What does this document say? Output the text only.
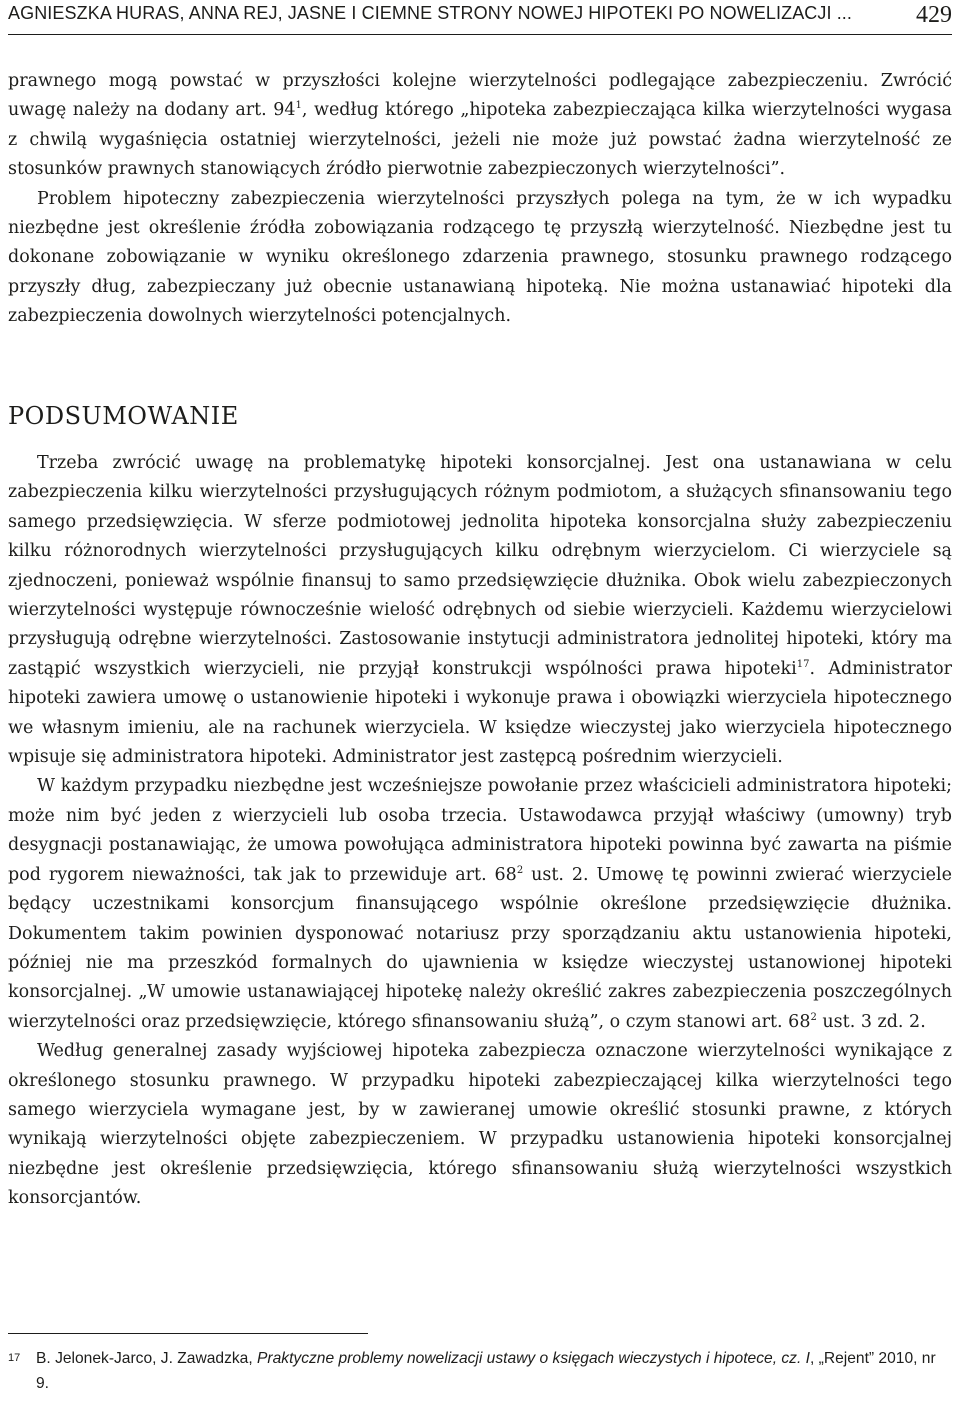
AGNIESZKA HURAS, ANNA REJ, JASNE I CIEMNE STRONY NOWEJ HIPOTEKI PO NOWELIZACJI ...	429

prawnego mogą powstać w przyszłości kolejne wierzytelności podlegające zabezpieczeniu. Zwrócić uwagę należy na dodany art. $94^1$, według którego „hipoteka zabezpieczająca kilka wierzytelności wygasa z chwilą wygaśnięcia ostatniej wierzytelności, jeżeli nie może już powstać żadna wierzytelność ze stosunków prawnych stanowiących źródło pierwotnie zabezpieczonych wierzytelności”.

Problem hipoteczny zabezpieczenia wierzytelności przyszłych polega na tym, że w ich wypadku niezbędne jest określenie źródła zobowiązania rodzącego tę przyszłą wierzytelność. Niezbędne jest tu dokonane zobowiązanie w wyniku określonego zdarzenia prawnego, stosunku prawnego rodzącego przyszły dług, zabezpieczany już obecnie ustanawianą hipoteką. Nie można ustanawiać hipoteki dla zabezpieczenia dowolnych wierzytelności potencjalnych.

PODSUMOWANIE

Trzeba zwrócić uwagę na problematykę hipoteki konsorcjalnej. Jest ona ustanawiana w celu zabezpieczenia kilku wierzytelności przysługujących różnym podmiotom, a służących sfinansowaniu tego samego przedsięwzięcia. W sferze podmiotowej jednolita hipoteka konsorcjalna służy zabezpieczeniu kilku różnorodnych wierzytelności przysługujących kilku odrębnym wierzycielom. Ci wierzyciele są zjednoczeni, ponieważ wspólnie finansuj to samo przedsięwzięcie dłużnika. Obok wielu zabezpieczonych wierzytelności występuje równocześnie wielość odrębnych od siebie wierzycieli. Każdemu wierzycielowi przysługują odrębne wierzytelności. Zastosowanie instytucji administratora jednolitej hipoteki, który ma zastąpić wszystkich wierzycieli, nie przyjął konstrukcji wspólności prawa hipoteki$^{17}$. Administrator hipoteki zawiera umowę o ustanowienie hipoteki i wykonuje prawa i obowiązki wierzyciela hipotecznego we własnym imieniu, ale na rachunek wierzyciela. W księdze wieczystej jako wierzyciela hipotecznego wpisuje się administratora hipoteki. Administrator jest zastępcą pośrednim wierzycieli.

W każdym przypadku niezbędne jest wcześniejsze powołanie przez właścicieli administratora hipoteki; może nim być jeden z wierzycieli lub osoba trzecia. Ustawodawca przyjął właściwy (umowny) tryb desygnacji postanawiając, że umowa powołująca administratora hipoteki powinna być zawarta na piśmie pod rygorem nieważności, tak jak to przewiduje art. $68^2$ ust. 2. Umowę tę powinni zwierać wierzyciele będący uczestnikami konsorcjum finansującego wspólnie określone przedsięwzięcie dłużnika. Dokumentem takim powinien dysponować notariusz przy sporządzaniu aktu ustanowienia hipoteki, później nie ma przeszkód formalnych do ujawnienia w księdze wieczystej ustanowionej hipoteki konsorcjalnej. „W umowie ustanawiającej hipotekę należy określić zakres zabezpieczenia poszczególnych wierzytelności oraz przedsięwzięcie, którego sfinansowaniu służą”, o czym stanowi art. $68^2$ ust. 3 zd. 2.

Według generalnej zasady wyjściowej hipoteka zabezpiecza oznaczone wierzytelności wynikające z określonego stosunku prawnego. W przypadku hipoteki zabezpieczającej kilka wierzytelności tego samego wierzyciela wymagane jest, by w zawieranej umowie określić stosunki prawne, z których wynikają wierzytelności objęte zabezpieczeniem. W przypadku ustanowienia hipoteki konsorcjalnej niezbędne jest określenie przedsięwzięcia, którego sfinansowaniu służą wierzytelności wszystkich konsorcjantów.

17 B. Jelonek-Jarco, J. Zawadzka, Praktyczne problemy nowelizacji ustawy o księgach wieczystych i hipotece, cz. I, „Rejent” 2010, nr 9.
